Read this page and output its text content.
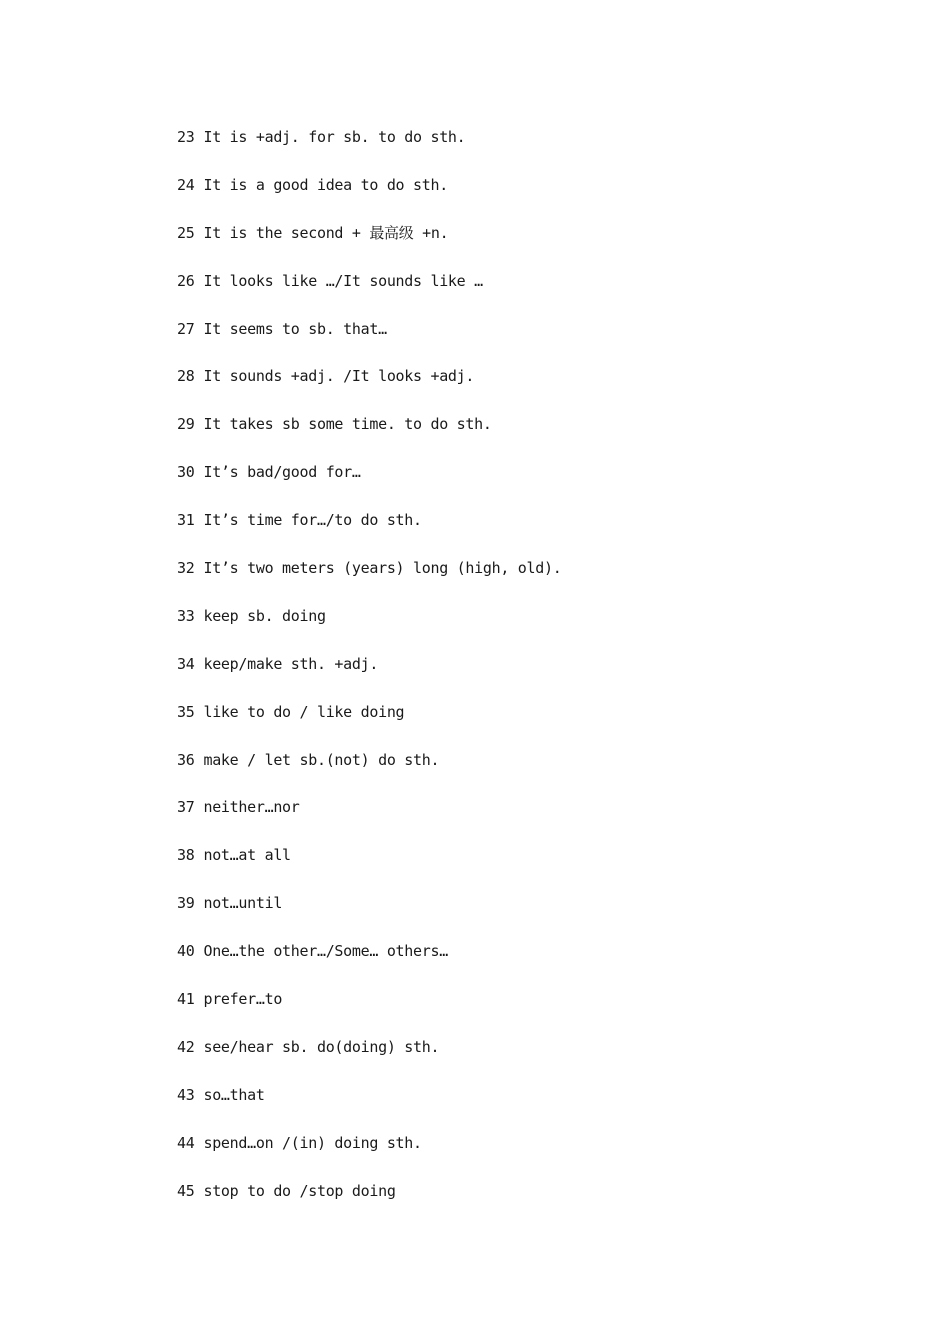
23 It is +adj. for sb. to do sth.
24 It is a good idea to do sth.
25 It is the second + 最高级 +n.
26 It looks like …/It sounds like …
27 It seems to sb. that…
28 It sounds +adj. /It looks +adj.
29 It takes sb some time. to do sth.
30 It’s bad/good for…
31 It’s time for…/to do sth.
32 It’s two meters (years) long (high, old).
33 keep sb. doing
34 keep/make sth. +adj.
35 like to do / like doing
36 make / let sb.(not) do sth.
37 neither…nor
38 not…at all
39 not…until
40 One…the other…/Some… others…
41 prefer…to
42 see/hear sb. do(doing) sth.
43 so…that
44 spend…on /(in) doing sth.
45 stop to do /stop doing
